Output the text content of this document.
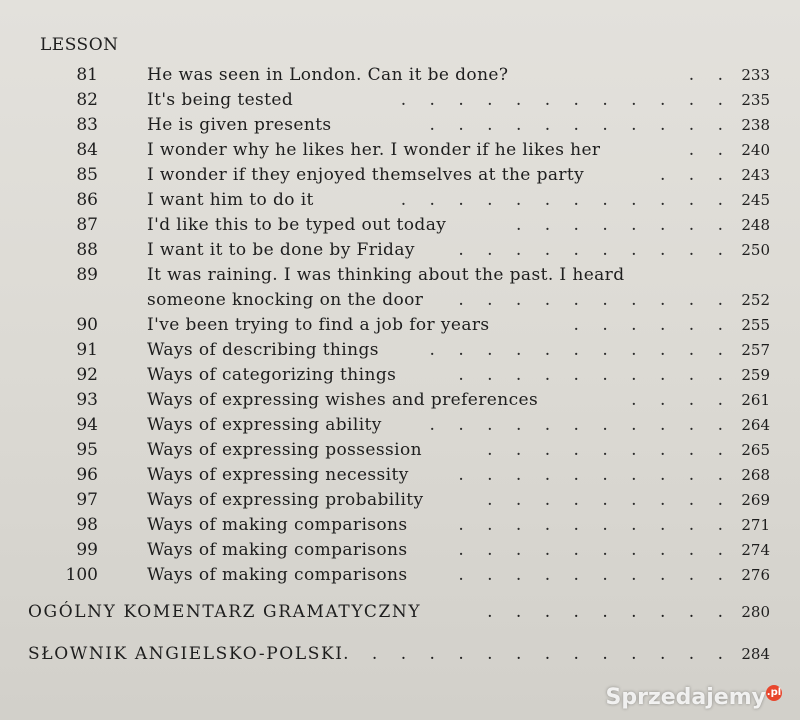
LESSON
81	He was seen in London. Can it be done?	. . 233
82	It's being tested	. . . . . . . . . . . . 235
83	He is given presents	. . . . . . . . . . . 238
84	I wonder why he likes her. I wonder if he likes her	. . 240
85	I wonder if they enjoyed themselves at the party	. . . 243
86	I want him to do it	. . . . . . . . . . . . 245
87	I'd like this to be typed out today	. . . . . . . . 248
88	I want it to be done by Friday	. . . . . . . . . . 250
89	It was raining. I was thinking about the past. I heard
someone knocking on the door . . . . . . . . . . 252
90	I've been trying to find a job for years	. . . . . . 255
91	Ways of describing things	. . . . . . . . . . . 257
92	Ways of categorizing things	. . . . . . . . . . 259
93	Ways of expressing wishes and preferences	. . . . 261
94	Ways of expressing ability	. . . . . . . . . . . 264
95	Ways of expressing possession	. . . . . . . . . 265
96	Ways of expressing necessity	. . . . . . . . . . 268
97	Ways of expressing probability	. . . . . . . . . 269
98	Ways of making comparisons	. . . . . . . . . . 271
99	Ways of making comparisons	. . . . . . . . . . 274
100	Ways of making comparisons	. . . . . . . . . . 276
OGÓLNY KOMENTARZ GRAMATYCZNY	. . . . . . . . . 280
SŁOWNIK ANGIELSKO-POLSKI . . . . . . . . . . . . . . 284
Sprzedajemy.pl
